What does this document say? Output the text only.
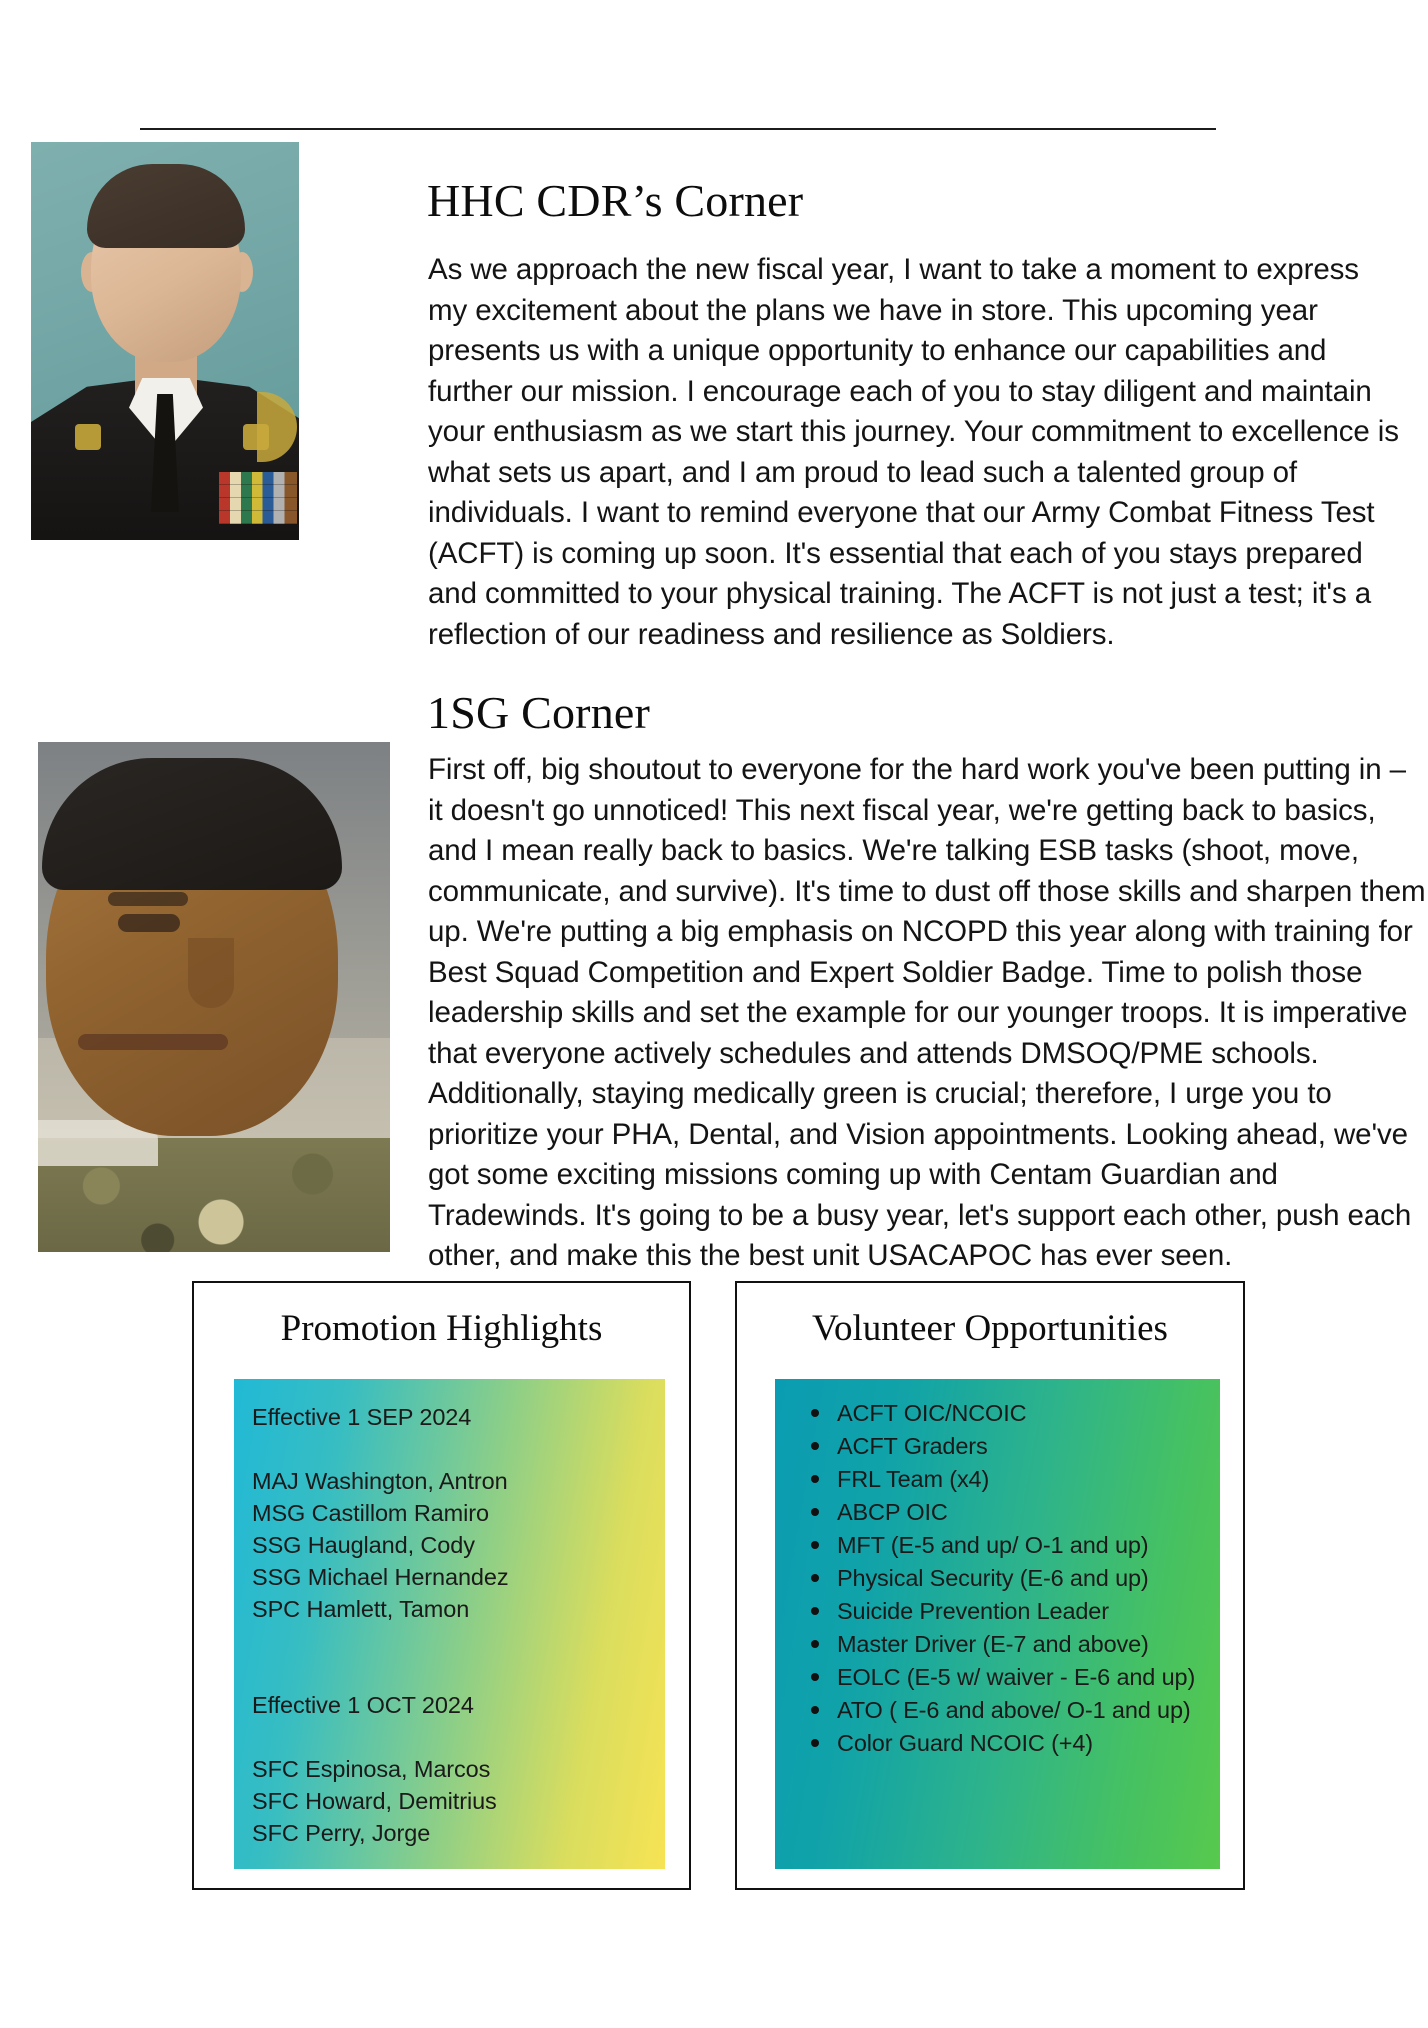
HHC CDR’s Corner
As we approach the new fiscal year, I want to take a moment to express my excitement about the plans we have in store. This upcoming year presents us with a unique opportunity to enhance our capabilities and further our mission. I encourage each of you to stay diligent and maintain your enthusiasm as we start this journey. Your commitment to excellence is what sets us apart, and I am proud to lead such a talented group of individuals. I want to remind everyone that our Army Combat Fitness Test (ACFT) is coming up soon. It's essential that each of you stays prepared and committed to your physical training. The ACFT is not just a test; it's a reflection of our readiness and resilience as Soldiers.
1SG Corner
First off, big shoutout to everyone for the hard work you've been putting in – it doesn't go unnoticed! This next fiscal year, we're getting back to basics, and I mean really back to basics. We're talking ESB tasks (shoot, move, communicate, and survive). It's time to dust off those skills and sharpen them up. We're putting a big emphasis on NCOPD this year along with training for Best Squad Competition and Expert Soldier Badge. Time to polish those leadership skills and set the example for our younger troops. It is imperative that everyone actively schedules and attends DMSOQ/PME schools. Additionally, staying medically green is crucial; therefore, I urge you to prioritize your PHA, Dental, and Vision appointments. Looking ahead, we've got some exciting missions coming up with Centam Guardian and Tradewinds. It's going to be a busy year, let's support each other, push each other, and make this the best unit USACAPOC has ever seen.
Promotion Highlights
Effective 1 SEP 2024
MAJ Washington, Antron
MSG Castillom Ramiro
SSG Haugland, Cody
SSG Michael Hernandez
SPC Hamlett, Tamon
Effective 1 OCT 2024
SFC Espinosa, Marcos
SFC Howard, Demitrius
SFC Perry, Jorge
Volunteer Opportunities
ACFT OIC/NCOIC
ACFT Graders
FRL Team (x4)
ABCP OIC
MFT (E-5 and up/ O-1 and up)
Physical Security (E-6 and up)
Suicide Prevention Leader
Master Driver (E-7 and above)
EOLC (E-5 w/ waiver - E-6 and up)
ATO ( E-6 and above/ O-1 and up)
Color Guard NCOIC (+4)
